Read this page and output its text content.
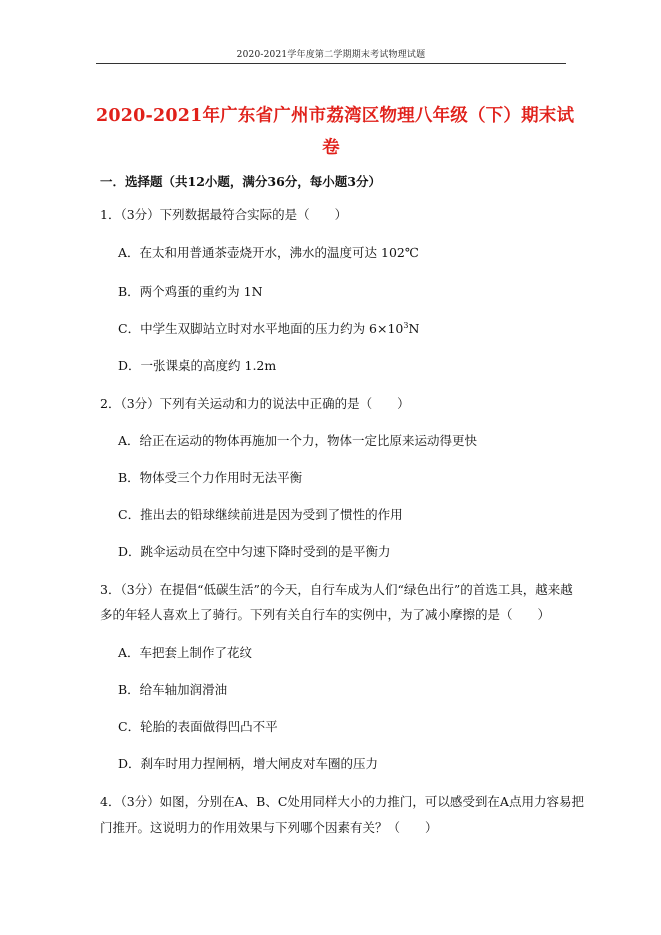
2020-2021学年度第二学期期末考试物理试题
2020-2021年广东省广州市荔湾区物理八年级（下）期末试
卷
一．选择题（共12小题，满分36分，每小题3分）
1．（3分）下列数据最符合实际的是（　　）
A．在太和用普通茶壶烧开水，沸水的温度可达 102℃
B．两个鸡蛋的重约为 1N
C．中学生双脚站立时对水平地面的压力约为 $6\times 10^3N$
D．一张课桌的高度约 1.2m
2．（3分）下列有关运动和力的说法中正确的是（　　）
A．给正在运动的物体再施加一个力，物体一定比原来运动得更快
B．物体受三个力作用时无法平衡
C．推出去的铅球继续前进是因为受到了惯性的作用
D．跳伞运动员在空中匀速下降时受到的是平衡力
3．（3分）在提倡“低碳生活”的今天，自行车成为人们“绿色出行”的首选工具，越来越
多的年轻人喜欢上了骑行。下列有关自行车的实例中，为了减小摩擦的是（　　）
A．车把套上制作了花纹
B．给车轴加润滑油
C．轮胎的表面做得凹凸不平
D．刹车时用力捏闸柄，增大闸皮对车圈的压力
4．（3分）如图，分别在A、B、C处用同样大小的力推门，可以感受到在A点用力容易把
门推开。这说明力的作用效果与下列哪个因素有关？（　　）
